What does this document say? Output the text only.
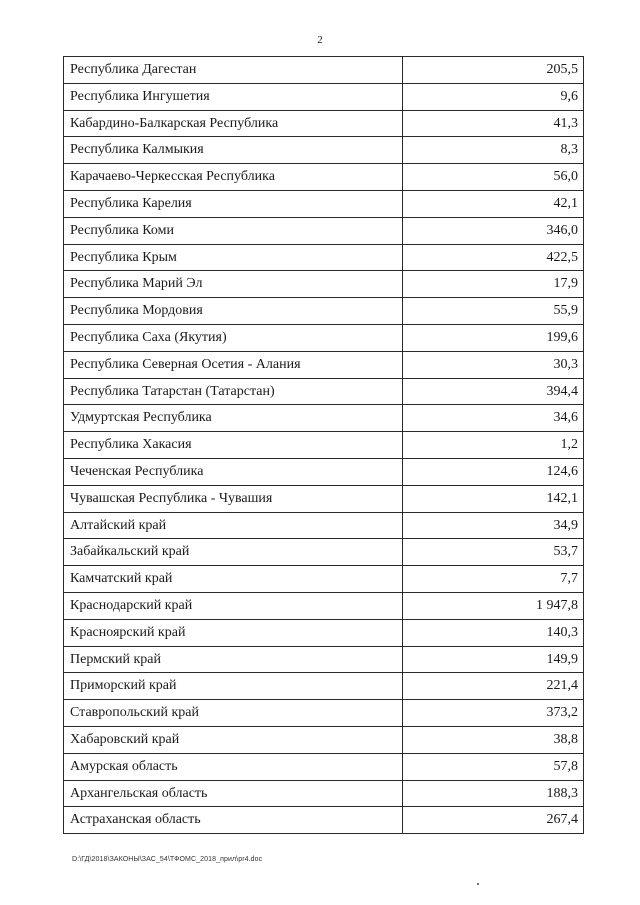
2
Республика Дагестан	205,5
Республика Ингушетия	9,6
Кабардино-Балкарская Республика	41,3
Республика Калмыкия	8,3
Карачаево-Черкесская Республика	56,0
Республика Карелия	42,1
Республика Коми	346,0
Республика Крым	422,5
Республика Марий Эл	17,9
Республика Мордовия	55,9
Республика Саха (Якутия)	199,6
Республика Северная Осетия - Алания	30,3
Республика Татарстан (Татарстан)	394,4
Удмуртская Республика	34,6
Республика Хакасия	1,2
Чеченская Республика	124,6
Чувашская Республика - Чувашия	142,1
Алтайский край	34,9
Забайкальский край	53,7
Камчатский край	7,7
Краснодарский край	1 947,8
Красноярский край	140,3
Пермский край	149,9
Приморский край	221,4
Ставропольский край	373,2
Хабаровский край	38,8
Амурская область	57,8
Архангельская область	188,3
Астраханская область	267,4
D:\ГД\2018\ЗАКОНЫ\ЗАС_54\ТФОМС_2018_прил\pr4.doc
